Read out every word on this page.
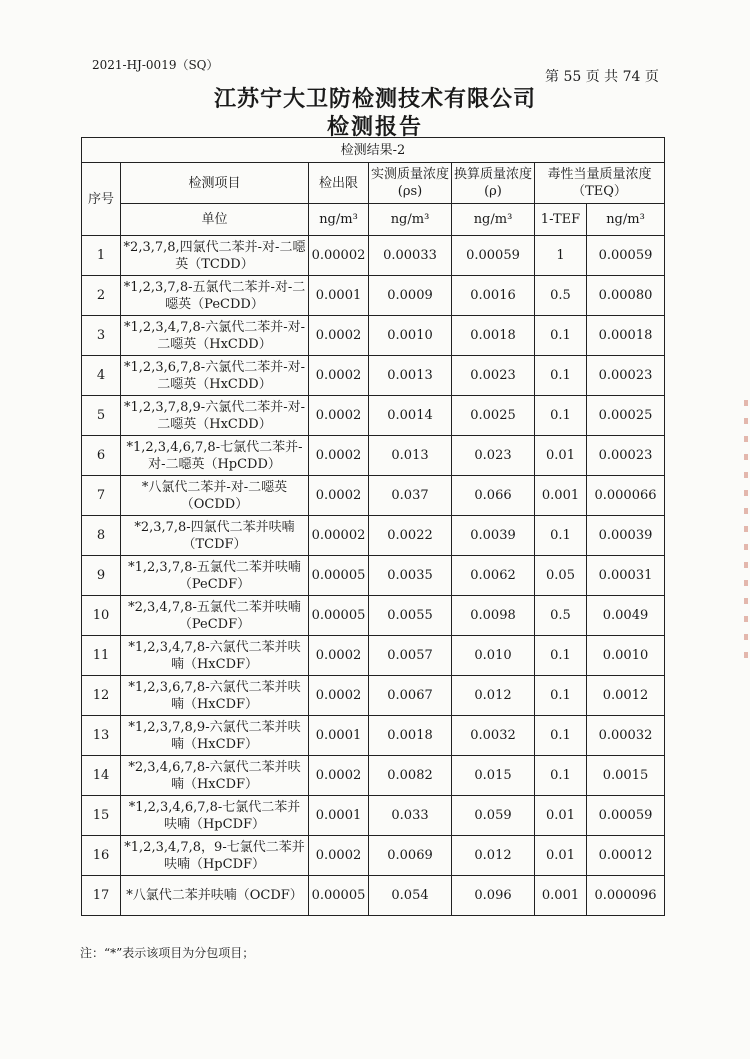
2021-HJ-0019（SQ）
第 55 页 共 74 页
江苏宁大卫防检测技术有限公司
检测报告
检测结果-2						
序号	检测项目	检出限	实测质量浓度(ρs)	换算质量浓度(ρ)	毒性当量质量浓度（TEQ）	
	单位	ng/m³	ng/m³	ng/m³	1-TEF	ng/m³
1	*2,3,7,8,四氯代二苯并-对-二噁英（TCDD）	0.00002	0.00033	0.00059	1	0.00059
2	*1,2,3,7,8-五氯代二苯并-对-二噁英（PeCDD）	0.0001	0.0009	0.0016	0.5	0.00080
3	*1,2,3,4,7,8-六氯代二苯并-对-二噁英（HxCDD）	0.0002	0.0010	0.0018	0.1	0.00018
4	*1,2,3,6,7,8-六氯代二苯并-对-二噁英（HxCDD）	0.0002	0.0013	0.0023	0.1	0.00023
5	*1,2,3,7,8,9-六氯代二苯并-对-二噁英（HxCDD）	0.0002	0.0014	0.0025	0.1	0.00025
6	*1,2,3,4,6,7,8-七氯代二苯并-对-二噁英（HpCDD）	0.0002	0.013	0.023	0.01	0.00023
7	*八氯代二苯并-对-二噁英（OCDD）	0.0002	0.037	0.066	0.001	0.000066
8	*2,3,7,8-四氯代二苯并呋喃（TCDF）	0.00002	0.0022	0.0039	0.1	0.00039
9	*1,2,3,7,8-五氯代二苯并呋喃（PeCDF）	0.00005	0.0035	0.0062	0.05	0.00031
10	*2,3,4,7,8-五氯代二苯并呋喃（PeCDF）	0.00005	0.0055	0.0098	0.5	0.0049
11	*1,2,3,4,7,8-六氯代二苯并呋喃（HxCDF）	0.0002	0.0057	0.010	0.1	0.0010
12	*1,2,3,6,7,8-六氯代二苯并呋喃（HxCDF）	0.0002	0.0067	0.012	0.1	0.0012
13	*1,2,3,7,8,9-六氯代二苯并呋喃（HxCDF）	0.0001	0.0018	0.0032	0.1	0.00032
14	*2,3,4,6,7,8-六氯代二苯并呋喃（HxCDF）	0.0002	0.0082	0.015	0.1	0.0015
15	*1,2,3,4,6,7,8-七氯代二苯并呋喃（HpCDF）	0.0001	0.033	0.059	0.01	0.00059
16	*1,2,3,4,7,8，9-七氯代二苯并呋喃（HpCDF）	0.0002	0.0069	0.012	0.01	0.00012
17	*八氯代二苯并呋喃（OCDF）	0.00005	0.054	0.096	0.001	0.000096
注：“*”表示该项目为分包项目；
